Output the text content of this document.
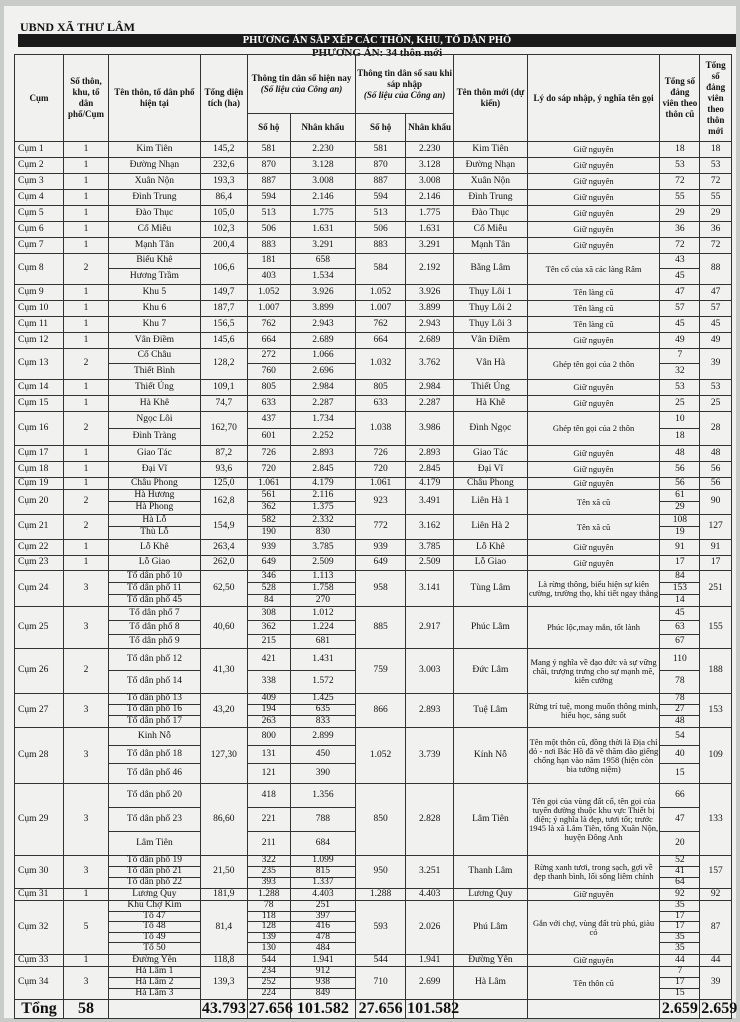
UBND XÃ THƯ LÂM
PHƯƠNG ÁN SẮP XẾP CÁC THÔN, KHU, TỔ DÂN PHỐ
PHƯƠNG ÁN: 34 thôn mới
Cụm	Số thôn, khu, tổ dân phố/Cụm	Tên thôn, tổ dân phố hiện tại	Tổng diện tích (ha)	Thông tin dân số hiện nay
(Số liệu của Công an)		Thông tin dân số sau khi sáp nhập
(Số liệu của Công an)		Tên thôn mới (dự kiến)	Lý do sáp nhập, ý nghĩa tên gọi	Tổng số đảng viên theo thôn cũ	Tổng số đảng viên theo thôn mới
				Số hộ	Nhân khẩu	Số hộ	Nhân khẩu				
Cụm 1	1	Kim Tiên	145,2	581	2.230	581	2.230	Kim Tiên	Giữ nguyên	18	18
Cụm 2	1	Đường Nhạn	232,6	870	3.128	870	3.128	Đường Nhạn	Giữ nguyên	53	53
Cụm 3	1	Xuân Nộn	193,3	887	3.008	887	3.008	Xuân Nộn	Giữ nguyên	72	72
Cụm 4	1	Đình Trung	86,4	594	2.146	594	2.146	Đình Trung	Giữ nguyên	55	55
Cụm 5	1	Đào Thục	105,0	513	1.775	513	1.775	Đào Thục	Giữ nguyên	29	29
Cụm 6	1	Cổ Miễu	102,3	506	1.631	506	1.631	Cổ Miễu	Giữ nguyên	36	36
Cụm 7	1	Mạnh Tân	200,4	883	3.291	883	3.291	Mạnh Tân	Giữ nguyên	72	72
Cụm 8	2	Biểu Khê	106,6	181	658	584	2.192	Bằng Lâm	Tên cổ của xã các làng Râm	43	88
		Hương Trầm		403	1.534					45	
Cụm 9	1	Khu 5	149,7	1.052	3.926	1.052	3.926	Thụy Lôi 1	Tên làng cũ	47	47
Cụm 10	1	Khu 6	187,7	1.007	3.899	1.007	3.899	Thụy Lôi 2	Tên làng cũ	57	57
Cụm 11	1	Khu 7	156,5	762	2.943	762	2.943	Thụy Lôi 3	Tên làng cũ	45	45
Cụm 12	1	Vân Điềm	145,6	664	2.689	664	2.689	Vân Điềm	Giữ nguyên	49	49
Cụm 13	2	Cổ Châu	128,2	272	1.066	1.032	3.762	Vân Hà	Ghép tên gọi của 2 thôn	7	39
		Thiết Bình		760	2.696					32	
Cụm 14	1	Thiết Úng	109,1	805	2.984	805	2.984	Thiết Úng	Giữ nguyên	53	53
Cụm 15	1	Hà Khê	74,7	633	2.287	633	2.287	Hà Khê	Giữ nguyên	25	25
Cụm 16	2	Ngọc Lôi	162,70	437	1.734	1.038	3.986	Đình Ngọc	Ghép tên gọi của 2 thôn	10	28
		Đình Tràng		601	2.252					18	
Cụm 17	1	Giao Tác	87,2	726	2.893	726	2.893	Giao Tác	Giữ nguyên	48	48
Cụm 18	1	Đại Vĩ	93,6	720	2.845	720	2.845	Đại Vĩ	Giữ nguyên	56	56
Cụm 19	1	Châu Phong	125,0	1.061	4.179	1.061	4.179	Châu Phong	Giữ nguyên	56	56
Cụm 20	2	Hà Hương	162,8	561	2.116	923	3.491	Liên Hà 1	Tên xã cũ	61	90
		Hà Phong		362	1.375					29	
Cụm 21	2	Hà Lỗ	154,9	582	2.332	772	3.162	Liên Hà 2	Tên xã cũ	108	127
		Thù Lỗ		190	830					19	
Cụm 22	1	Lỗ Khê	263,4	939	3.785	939	3.785	Lỗ Khê	Giữ nguyên	91	91
Cụm 23	1	Lỗ Giao	262,0	649	2.509	649	2.509	Lỗ Giao	Giữ nguyên	17	17
Cụm 24	3	Tổ dân phố 10	62,50	346	1.113	958	3.141	Tùng Lâm	Là rừng thông, biểu hiện sự kiên cường, trường thọ, khí tiết ngay thẳng	84	251
		Tổ dân phố 11		528	1.758					153	
		Tổ dân phố 45		84	270					14	
Cụm 25	3	Tổ dân phố 7	40,60	308	1.012	885	2.917	Phúc Lâm	Phúc lộc,may mắn, tốt lành	45	155
		Tổ dân phố 8		362	1.224					63	
		Tổ dân phố 9		215	681					67	
Cụm 26	2	Tổ dân phố 12	41,30	421	1.431	759	3.003	Đức Lâm	Mang ý nghĩa về đạo đức và sự vững chãi, trượng trưng cho sự mạnh mẽ, kiên cường	110	188
		Tổ dân phố 14		338	1.572					78	
Cụm 27	3	Tổ dân phố 13	43,20	409	1.425	866	2.893	Tuệ Lâm	Rừng trí tuệ, mong muốn thông minh, hiểu học, sáng suốt	78	153
		Tổ dân phố 16		194	635					27	
		Tổ dân phố 17		263	833					48	
Cụm 28	3	Kinh Nỗ	127,30	800	2.899	1.052	3.739	Kính Nỗ	Tên một thôn cũ, đồng thời là Địa chỉ đỏ - nơi Bác Hồ đã về thăm đào giếng chống hạn vào năm 1958 (hiện còn bia tưởng niệm)	54	109
		Tổ dân phố 18		131	450					40	
		Tổ dân phố 46		121	390					15	
Cụm 29	3	Tổ dân phố 20	86,60	418	1.356	850	2.828	Lâm Tiên	Tên gọi của vùng đất cổ, tên gọi của tuyến đường thuộc khu vực Thiết bị điện; ý nghĩa là đẹp, tươi tốt; trước 1945 là xã Lâm Tiên, tổng Xuân Nộn, huyện Đông Anh	66	133
		Tổ dân phố 23		221	788					47	
		Lâm Tiên		211	684					20	
Cụm 30	3	Tổ dân phố 19	21,50	322	1.099	950	3.251	Thanh Lâm	Rừng xanh tươi, trong sạch, gợi về đẹp thanh bình, lối sống liêm chính	52	157
		Tổ dân phố 21		235	815					41	
		Tổ dân phố 22		393	1.337					64	
Cụm 31	1	Lương Quy	181,9	1.288	4.403	1.288	4.403	Lương Quy	Giữ nguyên	92	92
Cụm 32	5	Khu Chợ Kim	81,4	78	251	593	2.026	Phú Lâm	Gắn với chợ, vùng đất trù phú, giàu có	35	87
		Tổ 47		118	397					17	
		Tổ 48		128	416					17	
		Tổ 49		139	478					35	
		Tổ 50		130	484					35	
Cụm 33	1	Đường Yên	118,8	544	1.941	544	1.941	Đường Yên	Giữ nguyên	44	44
Cụm 34	3	Hà Lâm 1	139,3	234	912	710	2.699	Hà Lâm	Tên thôn cũ	7	39
		Hà Lâm 2		252	938					17	
		Hà Lâm 3		224	849					15	
Tổng	58		43.793	27.656	101.582	27.656	101.582			2.659	2.659
